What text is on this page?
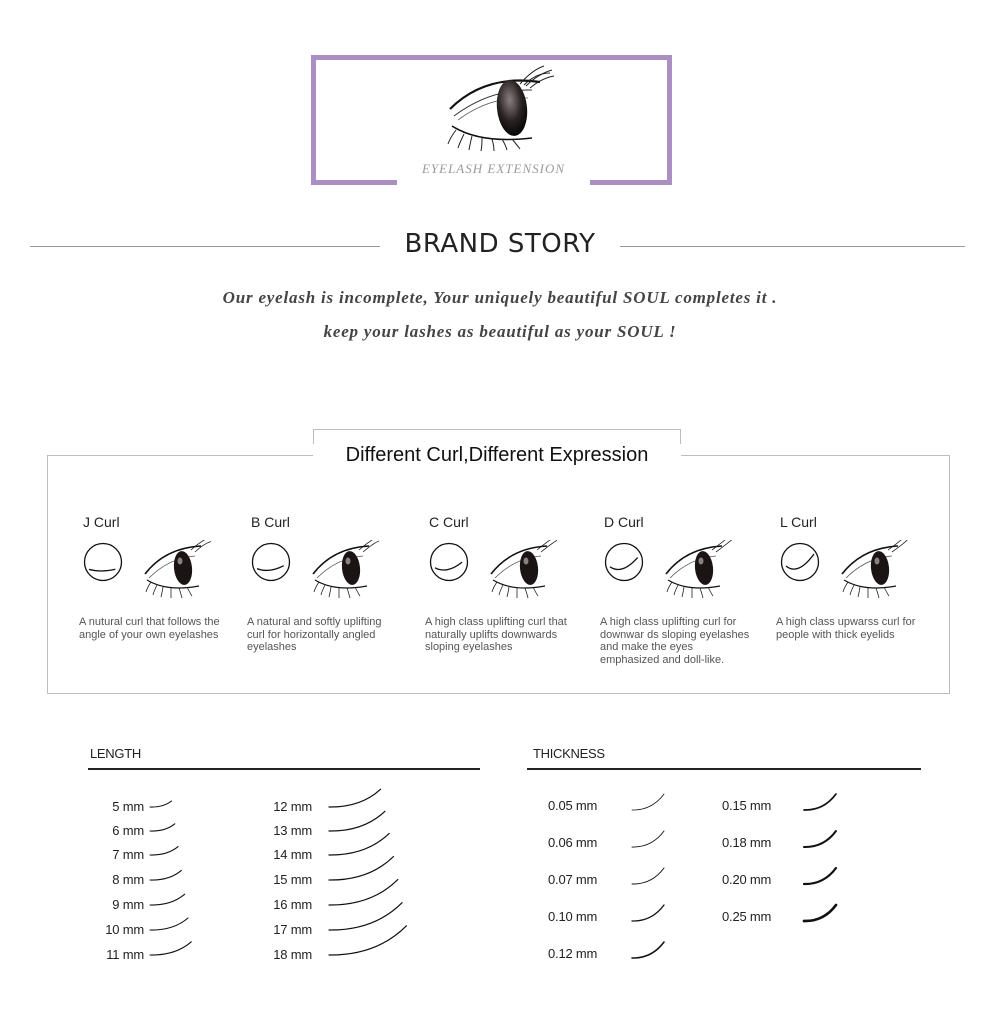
EYELASH EXTENSION
BRAND STORY
Our eyelash is incomplete, Your uniquely beautiful SOUL completes it .
keep your lashes as beautiful as your SOUL !
Different Curl,Different Expression
J Curl
A nutural curl that follows the angle of your own eyelashes
B Curl
A natural and softly uplifting curl for horizontally angled eyelashes
C Curl
A high class uplifting curl that naturally uplifts downwards sloping eyelashes
D Curl
A high class uplifting curl for downwar ds sloping eyelashes and make the eyes emphasized and doll-like.
L Curl
A high class upwarss curl for people with thick eyelids
LENGTH	THICKNESS
5 mm
6 mm
7 mm
8 mm
9 mm
10 mm
11 mm
12 mm
13 mm
14 mm
15 mm
16 mm
17 mm
18 mm
0.05 mm
0.06 mm
0.07 mm
0.10 mm
0.12 mm
0.15 mm
0.18 mm
0.20 mm
0.25 mm
